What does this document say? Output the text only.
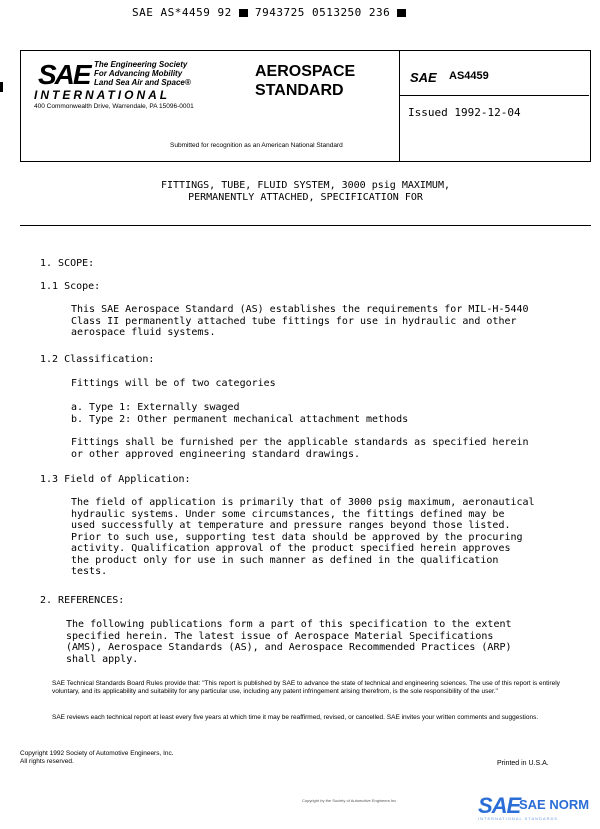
SAE AS*4459 92 7943725 0513250 236
SAE The Engineering Society
For Advancing Mobility
Land Sea Air and Space®
INTERNATIONAL
400 Commonwealth Drive, Warrendale, PA 15096-0001
AEROSPACE
STANDARD
SAE AS4459
Issued 1992-12-04
Submitted for recognition as an American National Standard
FITTINGS, TUBE, FLUID SYSTEM, 3000 psig MAXIMUM,
PERMANENTLY ATTACHED, SPECIFICATION FOR
1. SCOPE:
1.1 Scope:
This SAE Aerospace Standard (AS) establishes the requirements for MIL-H-5440
Class II permanently attached tube fittings for use in hydraulic and other
aerospace fluid systems.
1.2 Classification:
Fittings will be of two categories
a. Type 1: Externally swaged
b. Type 2: Other permanent mechanical attachment methods
Fittings shall be furnished per the applicable standards as specified herein
or other approved engineering standard drawings.
1.3 Field of Application:
The field of application is primarily that of 3000 psig maximum, aeronautical
hydraulic systems. Under some circumstances, the fittings defined may be
used successfully at temperature and pressure ranges beyond those listed.
Prior to such use, supporting test data should be approved by the procuring
activity. Qualification approval of the product specified herein approves
the product only for use in such manner as defined in the qualification
tests.
2. REFERENCES:
The following publications form a part of this specification to the extent
specified herein. The latest issue of Aerospace Material Specifications
(AMS), Aerospace Standards (AS), and Aerospace Recommended Practices (ARP)
shall apply.
SAE Technical Standards Board Rules provide that: "This report is published by SAE to advance the state of technical and engineering sciences. The use of this report is entirely voluntary, and its applicability and suitability for any particular use, including any patent infringement arising therefrom, is the sole responsibility of the user."
SAE reviews each technical report at least every five years at which time it may be reaffirmed, revised, or cancelled. SAE invites your written comments and suggestions.
Copyright 1992 Society of Automotive Engineers, Inc.
All rights reserved.	Printed in U.S.A.
Copyright by the Society of Automotive Engineers Inc	SAE
SAE NORM
INTERNATIONAL STANDARDS
